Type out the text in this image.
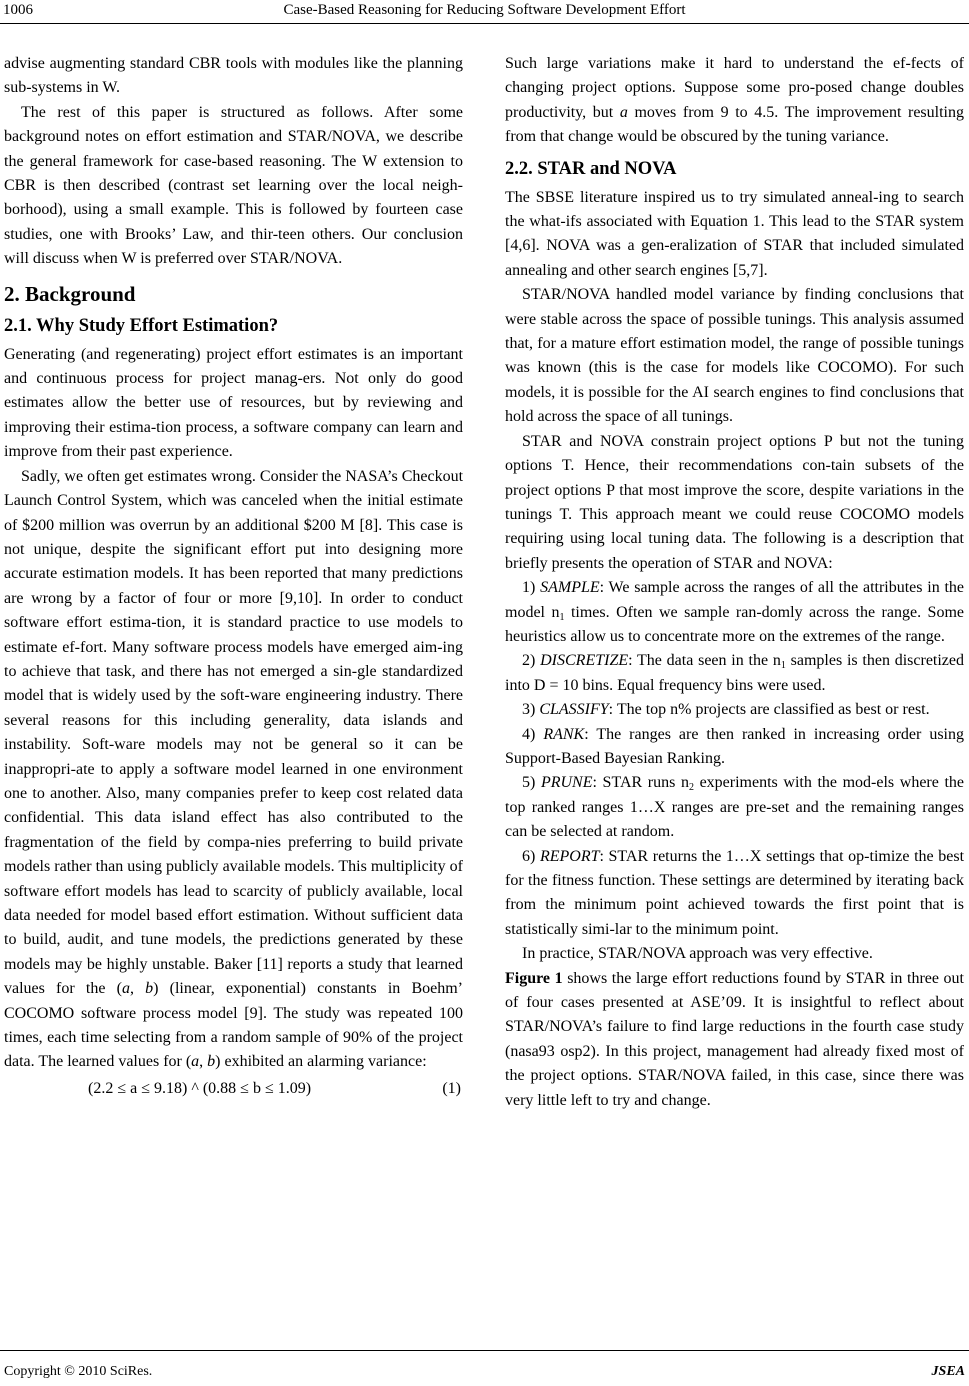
1006	Case-Based Reasoning for Reducing Software Development Effort

advise augmenting standard CBR tools with modules like the planning sub-systems in W.

The rest of this paper is structured as follows. After some background notes on effort estimation and STAR/NOVA, we describe the general framework for case-based reasoning. The W extension to CBR is then described (contrast set learning over the local neigh-borhood), using a small example. This is followed by fourteen case studies, one with Brooks’ Law, and thir-teen others. Our conclusion will discuss when W is preferred over STAR/NOVA.

2. Background
2.1. Why Study Effort Estimation?

Generating (and regenerating) project effort estimates is an important and continuous process for project manag-ers. Not only do good estimates allow the better use of resources, but by reviewing and improving their estima-tion process, a software company can learn and improve from their past experience.

Sadly, we often get estimates wrong. Consider the NASA’s Checkout Launch Control System, which was canceled when the initial estimate of $200 million was overrun by an additional $200 M [8]. This case is not unique, despite the significant effort put into designing more accurate estimation models. It has been reported that many predictions are wrong by a factor of four or more [9,10]. In order to conduct software effort estima-tion, it is standard practice to use models to estimate ef-fort. Many software process models have emerged aim-ing to achieve that task, and there has not emerged a sin-gle standardized model that is widely used by the soft-ware engineering industry. There several reasons for this including generality, data islands and instability. Soft-ware models may not be general so it can be inappropri-ate to apply a software model learned in one environment one to another. Also, many companies prefer to keep cost related data confidential. This data island effect has also contributed to the fragmentation of the field by compa-nies preferring to build private models rather than using publicly available models. This multiplicity of software effort models has lead to scarcity of publicly available, local data needed for model based effort estimation. Without sufficient data to build, audit, and tune models, the predictions generated by these models may be highly unstable. Baker [11] reports a study that learned values for the (a, b) (linear, exponential) constants in Boehm’ COCOMO software process model [9]. The study was repeated 100 times, each time selecting from a random sample of 90% of the project data. The learned values for (a, b) exhibited an alarming variance:

(2.2 ≤ a ≤ 9.18) ^ (0.88 ≤ b ≤ 1.09)	(1)

Such large variations make it hard to understand the ef-fects of changing project options. Suppose some pro-posed change doubles productivity, but a moves from 9 to 4.5. The improvement resulting from that change would be obscured by the tuning variance.

2.2. STAR and NOVA

The SBSE literature inspired us to try simulated anneal-ing to search the what-ifs associated with Equation 1. This lead to the STAR system [4,6]. NOVA was a gen-eralization of STAR that included simulated annealing and other search engines [5,7].

STAR/NOVA handled model variance by finding conclusions that were stable across the space of possible tunings. This analysis assumed that, for a mature effort estimation model, the range of possible tunings was known (this is the case for models like COCOMO). For such models, it is possible for the AI search engines to find conclusions that hold across the space of all tunings.

STAR and NOVA constrain project options P but not the tuning options T. Hence, their recommendations con-tain subsets of the project options P that most improve the score, despite variations in the tunings T. This approach meant we could reuse COCOMO models requiring using local tuning data. The following is a description that briefly presents the operation of STAR and NOVA:

1) SAMPLE: We sample across the ranges of all the attributes in the model $n_1$ times. Often we sample ran-domly across the range. Some heuristics allow us to concentrate more on the extremes of the range.

2) DISCRETIZE: The data seen in the $n_1$ samples is then discretized into D = 10 bins. Equal frequency bins were used.

3) CLASSIFY: The top n% projects are classified as best or rest.

4) RANK: The ranges are then ranked in increasing order using Support-Based Bayesian Ranking.

5) PRUNE: STAR runs $n_2$ experiments with the mod-els where the top ranked ranges 1…X ranges are pre-set and the remaining ranges can be selected at random.

6) REPORT: STAR returns the 1…X settings that op-timize the best for the fitness function. These settings are determined by iterating back from the minimum point achieved towards the first point that is statistically simi-lar to the minimum point.

In practice, STAR/NOVA approach was very effective.

Figure 1 shows the large effort reductions found by STAR in three out of four cases presented at ASE’09. It is insightful to reflect about STAR/NOVA’s failure to find large reductions in the fourth case study (nasa93 osp2). In this project, management had already fixed most of the project options. STAR/NOVA failed, in this case, since there was very little left to try and change.

Copyright © 2010 SciRes.	JSEA
